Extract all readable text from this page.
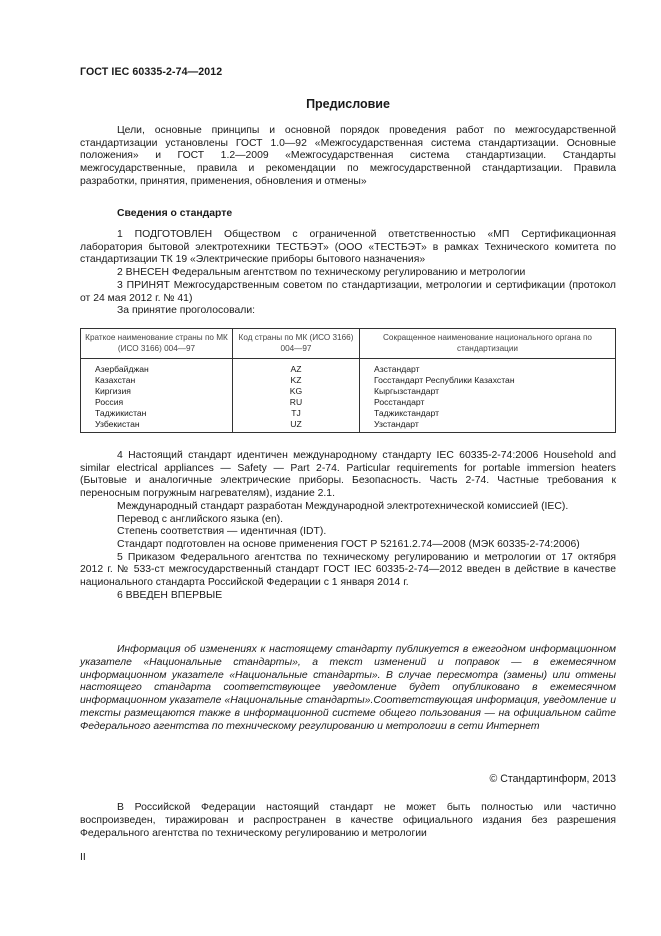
ГОСТ IEC 60335-2-74—2012
Предисловие

Цели, основные принципы и основной порядок проведения работ по межгосударственной стандартизации установлены ГОСТ 1.0—92 «Межгосударственная система стандартизации. Основные положения» и ГОСТ 1.2—2009 «Межгосударственная система стандартизации. Стандарты межгосударственные, правила и рекомендации по межгосударственной стандартизации. Правила разработки, принятия, применения, обновления и отмены»

Сведения о стандарте

1 ПОДГОТОВЛЕН Обществом с ограниченной ответственностью «МП Сертификационная лаборатория бытовой электротехники ТЕСТБЭТ» (ООО «ТЕСТБЭТ» в рамках Технического комитета по стандартизации ТК 19 «Электрические приборы бытового назначения»

2 ВНЕСЕН Федеральным агентством по техническому регулированию и метрологии

3 ПРИНЯТ Межгосударственным советом по стандартизации, метрологии и сертификации (протокол от 24 мая 2012 г. № 41)

За принятие проголосовали:

Краткое наименование страны по МК (ИСО 3166) 004—97	Код страны по МК (ИСО 3166) 004—97	Сокращенное наименование национального органа по стандартизации
Азербайджан	AZ	Азстандарт
Казахстан	KZ	Госстандарт Республики Казахстан
Киргизия	KG	Кыргызстандарт
Россия	RU	Росстандарт
Таджикистан	TJ	Таджикстандарт
Узбекистан	UZ	Узстандарт

4 Настоящий стандарт идентичен международному стандарту IEC 60335-2-74:2006 Household and similar electrical appliances — Safety — Part 2-74. Particular requirements for portable immersion heaters (Бытовые и аналогичные электрические приборы. Безопасность. Часть 2-74. Частные требования к переносным погружным нагревателям), издание 2.1.

Международный стандарт разработан Международной электротехнической комиссией (IEC).

Перевод с английского языка (en).

Степень соответствия — идентичная (IDT).

Стандарт подготовлен на основе применения ГОСТ Р 52161.2.74—2008 (МЭК 60335-2-74:2006)

5 Приказом Федерального агентства по техническому регулированию и метрологии от 17 октября 2012 г. № 533-ст межгосударственный стандарт ГОСТ IEC 60335-2-74—2012 введен в действие в качестве национального стандарта Российской Федерации с 1 января 2014 г.

6 ВВЕДЕН ВПЕРВЫЕ

Информация об изменениях к настоящему стандарту публикуется в ежегодном информационном указателе «Национальные стандарты», а текст изменений и поправок — в ежемесячном информационном указателе «Национальные стандарты». В случае пересмотра (замены) или отмены настоящего стандарта соответствующее уведомление будет опубликовано в ежемесячном информационном указателе «Национальные стандарты».Соответствующая информация, уведомление и тексты размещаются также в информационной системе общего пользования — на официальном сайте Федерального агентства по техническому регулированию и метрологии в сети Интернет

© Стандартинформ, 2013

В Российской Федерации настоящий стандарт не может быть полностью или частично воспроизведен, тиражирован и распространен в качестве официального издания без разрешения Федерального агентства по техническому регулированию и метрологии

II
